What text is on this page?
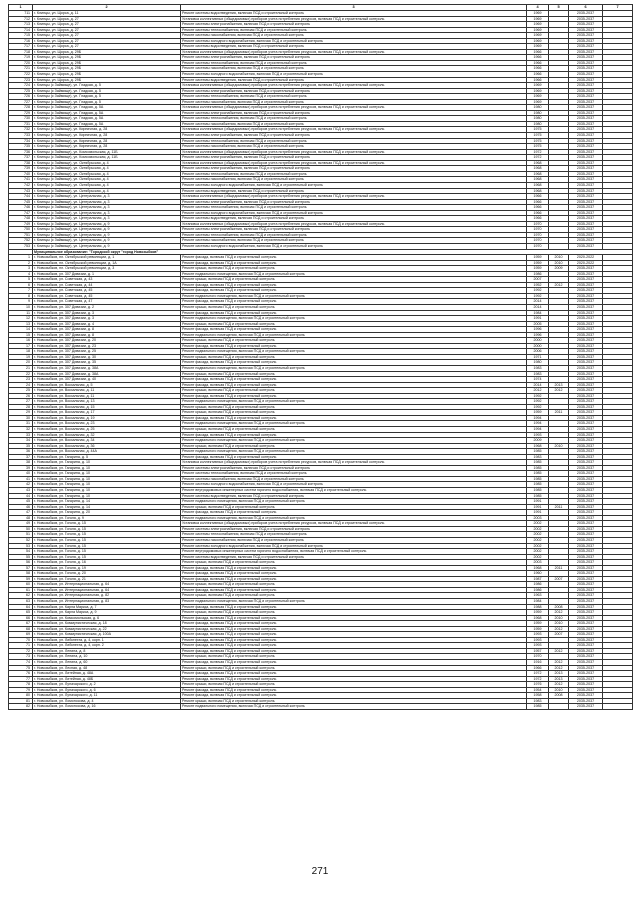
1	2	3	4	5	6	7
711	г. Клинцы, ул. Щорса, д. 11	Ремонт системы водоотведения, включая ПСД и строительный контроль	1969		2035-2037	
712	г. Клинцы, ул. Щорса, д. 27	Установка коллективных (общедомовых) приборов учета потребления ресурсов, включая ПСД и строительный контроль	1969		2035-2037	
713	г. Клинцы, ул. Щорса, д. 27	Ремонт системы электроснабжения, включая ПСД и строительный контроль	1969		2035-2037	
714	г. Клинцы, ул. Щорса, д. 27	Ремонт системы теплоснабжения, включая ПСД и строительный контроль	1969		2035-2037	
715	г. Клинцы, ул. Щорса, д. 27	Ремонт системы газоснабжения, включая ПСД и строительный контроль	1969		2035-2037	
716	г. Клинцы, ул. Щорса, д. 27	Ремонт системы холодного водоснабжения, включая ПСД и строительный контроль	1969		2035-2037	
717	г. Клинцы, ул. Щорса, д. 27	Ремонт системы водоотведения, включая ПСД и строительный контроль	1969		2035-2037	
718	г. Клинцы, ул. Щорса, д. 29Б	Установка коллективных (общедомовых) приборов учета потребления ресурсов, включая ПСД и строительный контроль	1966		2035-2037	
719	г. Клинцы, ул. Щорса, д. 29Б	Ремонт системы электроснабжения, включая ПСД и строительный контроль	1966		2035-2037	
720	г. Клинцы, ул. Щорса, д. 29Б	Ремонт системы теплоснабжения, включая ПСД и строительный контроль	1966		2035-2037	
721	г. Клинцы, ул. Щорса, д. 29Б	Ремонт системы газоснабжения, включая ПСД и строительный контроль	1966		2035-2037	
722	г. Клинцы, ул. Щорса, д. 29Б	Ремонт системы холодного водоснабжения, включая ПСД и строительный контроль	1966		2035-2037	
723	г. Клинцы, ул. Щорса, д. 29Б	Ремонт системы водоотведения, включая ПСД и строительный контроль	1966		2035-2037	
724	г. Клинцы (с Займище), ул. Гладкая, д. 5	Установка коллективных (общедомовых) приборов учета потребления ресурсов, включая ПСД и строительный контроль	1969		2035-2037	
725	г. Клинцы (с Займище), ул. Гладкая, д. 5	Ремонт системы электроснабжения, включая ПСД и строительный контроль	1969		2035-2037	
726	г. Клинцы (с Займище), ул. Гладкая, д. 5	Ремонт системы теплоснабжения, включая ПСД и строительный контроль	1969		2035-2037	
727	г. Клинцы (с Займище), ул. Гладкая, д. 5	Ремонт системы газоснабжения, включая ПСД и строительный контроль	1969		2035-2037	
728	г. Клинцы (с Займище), ул. Гладкая, д. 5А	Установка коллективных (общедомовых) приборов учета потребления ресурсов, включая ПСД и строительный контроль	1980		2035-2037	
729	г. Клинцы (с Займище), ул. Гладкая, д. 5А	Ремонт системы электроснабжения, включая ПСД и строительный контроль	1980		2035-2037	
730	г. Клинцы (с Займище), ул. Гладкая, д. 5А	Ремонт системы теплоснабжения, включая ПСД и строительный контроль	1980		2035-2037	
731	г. Клинцы (с Займище), ул. Гладкая, д. 5А	Ремонт системы газоснабжения, включая ПСД и строительный контроль	1980		2035-2037	
732	г. Клинцы (с Займище), ул. Кирпичная, д. 28	Установка коллективных (общедомовых) приборов учета потребления ресурсов, включая ПСД и строительный контроль	1975		2035-2037	
733	г. Клинцы (с Займище), ул. Кирпичная, д. 28	Ремонт системы электроснабжения, включая ПСД и строительный контроль	1975		2035-2037	
734	г. Клинцы (с Займище), ул. Кирпичная, д. 28	Ремонт системы теплоснабжения, включая ПСД и строительный контроль	1975		2035-2037	
735	г. Клинцы (с Займище), ул. Кирпичная, д. 28	Ремонт системы газоснабжения, включая ПСД и строительный контроль	1975		2035-2037	
736	г. Клинцы (с Займище), ул. Комсомольская, д. 11Б	Установка коллективных (общедомовых) приборов учета потребления ресурсов, включая ПСД и строительный контроль	1972		2035-2037	
737	г. Клинцы (с Займище), ул. Комсомольская, д. 11Б	Ремонт системы электроснабжения, включая ПСД и строительный контроль	1972		2035-2037	
738	г. Клинцы (с Займище), ул. Октябрьская, д. 4	Установка коллективных (общедомовых) приборов учета потребления ресурсов, включая ПСД и строительный контроль	1968		2035-2037	
739	г. Клинцы (с Займище), ул. Октябрьская, д. 4	Ремонт системы электроснабжения, включая ПСД и строительный контроль	1968		2035-2037	
740	г. Клинцы (с Займище), ул. Октябрьская, д. 4	Ремонт системы теплоснабжения, включая ПСД и строительный контроль	1968		2035-2037	
741	г. Клинцы (с Займище), ул. Октябрьская, д. 4	Ремонт системы газоснабжения, включая ПСД и строительный контроль	1968		2035-2037	
742	г. Клинцы (с Займище), ул. Октябрьская, д. 4	Ремонт системы холодного водоснабжения, включая ПСД и строительный контроль	1968		2035-2037	
743	г. Клинцы (с Займище), ул. Октябрьская, д. 4	Ремонт системы водоотведения, включая ПСД и строительный контроль	1968		2035-2037	
744	г. Клинцы (с Займище), ул. Центральная, д. 3	Установка коллективных (общедомовых) приборов учета потребления ресурсов, включая ПСД и строительный контроль	1966		2035-2037	
745	г. Клинцы (с Займище), ул. Центральная, д. 3	Ремонт системы электроснабжения, включая ПСД и строительный контроль	1966		2035-2037	
746	г. Клинцы (с Займище), ул. Центральная, д. 3	Ремонт системы теплоснабжения, включая ПСД и строительный контроль	1966		2035-2037	
747	г. Клинцы (с Займище), ул. Центральная, д. 3	Ремонт системы холодного водоснабжения, включая ПСД и строительный контроль	1966		2035-2037	
748	г. Клинцы (с Займище), ул. Центральная, д. 3	Ремонт системы водоотведения, включая ПСД и строительный контроль	1966		2035-2037	
749	г. Клинцы (с Займище), ул. Центральная, д. 9	Установка коллективных (общедомовых) приборов учета потребления ресурсов, включая ПСД и строительный контроль	1970		2035-2037	
750	г. Клинцы (с Займище), ул. Центральная, д. 9	Ремонт системы электроснабжения, включая ПСД и строительный контроль	1970		2035-2037	
751	г. Клинцы (с Займище), ул. Центральная, д. 9	Ремонт системы теплоснабжения, включая ПСД и строительный контроль	1970		2035-2037	
752	г. Клинцы (с Займище), ул. Центральная, д. 9	Ремонт системы газоснабжения, включая ПСД и строительный контроль	1970		2035-2037	
753	г. Клинцы (с Займище), ул. Центральная, д. 9	Ремонт системы холодного водоснабжения, включая ПСД и строительный контроль	1970		2035-2037	
	Муниципальное образование: "Городской округ "город Новозыбков"					
1	г. Новозыбков, пл. Октябрьской революции, д. 1	Ремонт фасада, включая ПСД и строительный контроль	1959	2010	2020-2022	
2	г. Новозыбков, пл. Октябрьской революции, д. 1А	Ремонт фасада, включая ПСД и строительный контроль	1959	2010	2020-2022	
3	г. Новозыбков, пл. Октябрьской революции, д. 3	Ремонт крыши, включая ПСД и строительный контроль	1959	2009	2035-2037	
4	г. Новозыбков, ул. 307 Дивизии, д. 1	Ремонт подвального помещения, включая ПСД и строительный контроль	1986		2035-2037	
5	г. Новозыбков, ул. Советская, д. 43	Ремонт крыши, включая ПСД и строительный контроль	2007		2035-2037	
6	г. Новозыбков, ул. Советская, д. 44	Ремонт фасада, включая ПСД и строительный контроль	1952	2012	2035-2037	
7	г. Новозыбков, ул. Советская, д. 45	Ремонт фасада, включая ПСД и строительный контроль	1992		2035-2037	
8	г. Новозыбков, ул. Советская, д. 45	Ремонт подвального помещения, включая ПСД и строительный контроль	1992		2035-2037	
9	г. Новозыбков, ул. Советская, д. 47	Ремонт фасада, включая ПСД и строительный контроль	2014		2035-2037	
10	г. Новозыбков, ул. 307 Дивизии, д. 2	Ремонт крыши, включая ПСД и строительный контроль	2014		2035-2037	
11	г. Новозыбков, ул. 307 Дивизии, д. 3	Ремонт фасада, включая ПСД и строительный контроль	1984		2035-2037	
12	г. Новозыбков, ул. 307 Дивизии, д. 3	Ремонт подвального помещения, включая ПСД и строительный контроль	1991		2035-2037	
13	г. Новозыбков, ул. 307 Дивизии, д. 4	Ремонт крыши, включая ПСД и строительный контроль	2005		2035-2037	
14	г. Новозыбков, ул. 307 Дивизии, д. 8	Ремонт фасада, включая ПСД и строительный контроль	1996		2035-2037	
15	г. Новозыбков, ул. 307 Дивизии, д. 8	Ремонт подвального помещения, включая ПСД и строительный контроль	1996		2035-2037	
16	г. Новозыбков, ул. 307 Дивизии, д. 20	Ремонт крыши, включая ПСД и строительный контроль	2000		2035-2037	
17	г. Новозыбков, ул. 307 Дивизии, д. 23	Ремонт фасада, включая ПСД и строительный контроль	2000		2035-2037	
18	г. Новозыбков, ул. 307 Дивизии, д. 25	Ремонт подвального помещения, включая ПСД и строительный контроль	2006		2035-2037	
19	г. Новозыбков, ул. 307 Дивизии, д. 30	Ремонт крыши, включая ПСД и строительный контроль	1971		2035-2037	
20	г. Новозыбков, ул. 307 Дивизии, д. 35	Ремонт фасада, включая ПСД и строительный контроль	1980		2035-2037	
21	г. Новозыбков, ул. 307 Дивизии, д. 38А	Ремонт подвального помещения, включая ПСД и строительный контроль	1983		2035-2037	
22	г. Новозыбков, ул. 307 Дивизии, д. 38А	Ремонт крыши, включая ПСД и строительный контроль	1983		2035-2037	
23	г. Новозыбков, ул. 307 Дивизии, д. 40	Ремонт фасада, включая ПСД и строительный контроль	1974		2035-2037	
24	г. Новозыбков, ул. Вокзальная, д. 5	Ремонт фасада, включая ПСД и строительный контроль	2014	2013	2035-2037	
25	г. Новозыбков, ул. Вокзальная, д. 11	Ремонт крыши, включая ПСД и строительный контроль	2012	2012	2035-2037	
26	г. Новозыбков, ул. Вокзальная, д. 11	Ремонт фасада, включая ПСД и строительный контроль	1992		2035-2037	
27	г. Новозыбков, ул. Вокзальная, д. 13	Ремонт подвального помещения, включая ПСД и строительный контроль	1992		2035-2037	
28	г. Новозыбков, ул. Вокзальная, д. 15	Ремонт крыши, включая ПСД и строительный контроль	1992		2035-2037	
29	г. Новозыбков, ул. Вокзальная, д. 17	Ремонт крыши, включая ПСД и строительный контроль	1959	2011	2035-2037	
30	г. Новозыбков, ул. Вокзальная, д. 19	Ремонт фасада, включая ПСД и строительный контроль	1994		2035-2037	
31	г. Новозыбков, ул. Вокзальная, д. 23	Ремонт подвального помещения, включая ПСД и строительный контроль	1994		2035-2037	
32	г. Новозыбков, ул. Вокзальная, д. 25	Ремонт крыши, включая ПСД и строительный контроль	1994		2035-2037	
33	г. Новозыбков, ул. Вокзальная, д. 32	Ремонт фасада, включая ПСД и строительный контроль	1993		2035-2037	
34	г. Новозыбков, ул. Вокзальная, д. 34	Ремонт подвального помещения, включая ПСД и строительный контроль	2009		2035-2037	
35	г. Новозыбков, ул. Вокзальная, д. 36	Ремонт крыши, включая ПСД и строительный контроль	1968	2010	2035-2037	
36	г. Новозыбков, ул. Вокзальная, д. 44А	Ремонт подвального помещения, включая ПСД и строительный контроль	1985		2035-2037	
37	г. Новозыбков, ул. Гагарина, д. 5	Ремонт фасада, включая ПСД и строительный контроль	1983		2035-2037	
38	г. Новозыбков, ул. Гагарина, д. 10	Установка коллективных (общедомовых) приборов учета потребления ресурсов, включая ПСД и строительный контроль	1985		2035-2037	
39	г. Новозыбков, ул. Гагарина, д. 10	Ремонт системы электроснабжения, включая ПСД и строительный контроль	1985		2035-2037	
40	г. Новозыбков, ул. Гагарина, д. 10	Ремонт системы теплоснабжения, включая ПСД и строительный контроль	1985		2035-2037	
41	г. Новозыбков, ул. Гагарина, д. 10	Ремонт системы газоснабжения, включая ПСД и строительный контроль	1985		2035-2037	
42	г. Новозыбков, ул. Гагарина, д. 10	Ремонт системы холодного водоснабжения, включая ПСД и строительный контроль	1985		2035-2037	
43	г. Новозыбков, ул. Гагарина, д. 10	Ремонт внутридомовых инженерных систем горячего водоснабжения, включая ПСД и строительный контроль	1985		2035-2037	
44	г. Новозыбков, ул. Гагарина, д. 10	Ремонт системы водоотведения, включая ПСД и строительный контроль	1985		2035-2037	
45	г. Новозыбков, ул. Гагарина, д. 14	Ремонт подвального помещения, включая ПСД и строительный контроль	1991		2035-2037	
46	г. Новозыбков, ул. Гагарина, д. 14	Ремонт крыши, включая ПСД и строительный контроль	1991	2011	2035-2037	
47	г. Новозыбков, ул. Гагарина, д. 20	Ремонт фасада, включая ПСД и строительный контроль	1991		2035-2037	
48	г. Новозыбков, ул. Гоголя, д. 9	Ремонт подвального помещения, включая ПСД и строительный контроль	2003		2035-2037	
49	г. Новозыбков, ул. Гоголя, д. 15	Установка коллективных (общедомовых) приборов учета потребления ресурсов, включая ПСД и строительный контроль	2002		2035-2037	
50	г. Новозыбков, ул. Гоголя, д. 15	Ремонт системы электроснабжения, включая ПСД и строительный контроль	2002		2035-2037	
51	г. Новозыбков, ул. Гоголя, д. 15	Ремонт системы теплоснабжения, включая ПСД и строительный контроль	2002		2035-2037	
52	г. Новозыбков, ул. Гоголя, д. 15	Ремонт системы газоснабжения, включая ПСД и строительный контроль	2002		2035-2037	
53	г. Новозыбков, ул. Гоголя, д. 15	Ремонт системы холодного водоснабжения, включая ПСД и строительный контроль	2002		2035-2037	
54	г. Новозыбков, ул. Гоголя, д. 15	Ремонт внутридомовых инженерных систем горячего водоснабжения, включая ПСД и строительный контроль	2002		2035-2037	
55	г. Новозыбков, ул. Гоголя, д. 15	Ремонт системы водоотведения, включая ПСД и строительный контроль	2002		2035-2037	
56	г. Новозыбков, ул. Гоголя, д. 16	Ремонт крыши, включая ПСД и строительный контроль	2003		2035-2037	
57	г. Новозыбков, ул. Гоголя, д. 19	Ремонт фасада, включая ПСД и строительный контроль	1968	2011	2035-2037	
58	г. Новозыбков, ул. Гоголя, д. 20	Ремонт фасада, включая ПСД и строительный контроль	1960		2035-2037	
59	г. Новозыбков, ул. Гоголя, д. 21	Ремонт фасада, включая ПСД и строительный контроль	1987	2007	2035-2037	
60	г. Новозыбков, ул. Интернациональная, д. 64	Ремонт крыши, включая ПСД и строительный контроль	1986		2035-2037	
61	г. Новозыбков, ул. Интернациональная, д. 64	Ремонт фасада, включая ПСД и строительный контроль	1986		2035-2037	
62	г. Новозыбков, ул. Интернациональная, д. 82	Ремонт крыши, включая ПСД и строительный контроль	1963		2035-2037	
63	г. Новозыбков, ул. Интернациональная, д. 83	Ремонт подвального помещения, включая ПСД и строительный контроль	1984		2035-2037	
64	г. Новозыбков, ул. Карла Маркса, д. 7	Ремонт фасада, включая ПСД и строительный контроль	1988	2008	2035-2037	
65	г. Новозыбков, ул. Карла Маркса, д. 9	Ремонт крыши, включая ПСД и строительный контроль	1959	2012	2035-2037	
66	г. Новозыбков, ул. Комсомольская, д. 6	Ремонт фасада, включая ПСД и строительный контроль	1968	2010	2035-2037	
67	г. Новозыбков, ул. Коммунистическая, д. 18	Ремонт фасада, включая ПСД и строительный контроль	1959	2010	2035-2037	
68	г. Новозыбков, ул. Коммунистическая, д. 22	Ремонт фасада, включая ПСД и строительный контроль	1959	2012	2035-2037	
69	г. Новозыбков, ул. Коммунистическая, д. 100А	Ремонт фасада, включая ПСД и строительный контроль	1993	2007	2035-2037	
70	г. Новозыбков, ул. Либкнехта, д. 4, корп. 1	Ремонт фасада, включая ПСД и строительный контроль	1993		2035-2037	
71	г. Новозыбков, ул. Либкнехта, д. 4, корп. 2	Ремонт фасада, включая ПСД и строительный контроль	1993		2035-2037	
72	г. Новозыбков, ул. Ленина, д. 8	Ремонт фасада, включая ПСД и строительный контроль	1957	2012	2035-2037	
73	г. Новозыбков, ул. Ленина, д. 10	Ремонт крыши, включая ПСД и строительный контроль	1970		2035-2037	
74	г. Новозыбков, ул. Ленина, д. 60	Ремонт фасада, включая ПСД и строительный контроль	1916	2012	2035-2037	
75	г. Новозыбков, ул. Лесная, д. 48	Ремонт крыши, включая ПСД и строительный контроль	1966	2012	2035-2037	
76	г. Новозыбков, ул. Литейная, д. 48А	Ремонт фасада, включая ПСД и строительный контроль	1972	2013	2035-2037	
77	г. Новозыбков, ул. Литейная, д. 48Б	Ремонт фасада, включая ПСД и строительный контроль	1972	2013	2035-2037	
78	г. Новозыбков, ул. Луначарского, д. 2	Ремонт крыши, включая ПСД и строительный контроль	1976	2012	2035-2037	
79	г. Новозыбков, ул. Луначарского, д. 6	Ремонт фасада, включая ПСД и строительный контроль	1954	2010	2035-2037	
80	г. Новозыбков, ул. Луначарского, д. 11	Ремонт фасада, включая ПСД и строительный контроль	1958	2008	2035-2037	
81	г. Новозыбков, ул. Ломоносова, д. 4	Ремонт крыши, включая ПСД и строительный контроль	1983		2035-2037	
82	г. Новозыбков, ул. Ломоносова, д. 16	Ремонт подвального помещения, включая ПСД и строительный контроль	1985		2035-2037	
271
